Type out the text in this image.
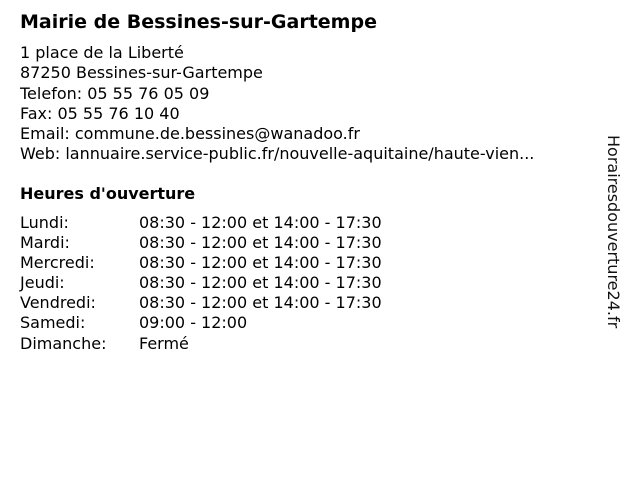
Mairie de Bessines-sur-Gartempe
1 place de la Liberté
87250 Bessines-sur-Gartempe
Telefon: 05 55 76 05 09
Fax: 05 55 76 10 40
Email: commune.de.bessines@wanadoo.fr
Web: lannuaire.service-public.fr/nouvelle-aquitaine/haute-vien...
Heures d'ouverture
Lundi:	08:30 - 12:00 et 14:00 - 17:30
Mardi:	08:30 - 12:00 et 14:00 - 17:30
Mercredi:	08:30 - 12:00 et 14:00 - 17:30
Jeudi:	08:30 - 12:00 et 14:00 - 17:30
Vendredi:	08:30 - 12:00 et 14:00 - 17:30
Samedi:	09:00 - 12:00
Dimanche: Fermé
Horairesdouverture24.fr
